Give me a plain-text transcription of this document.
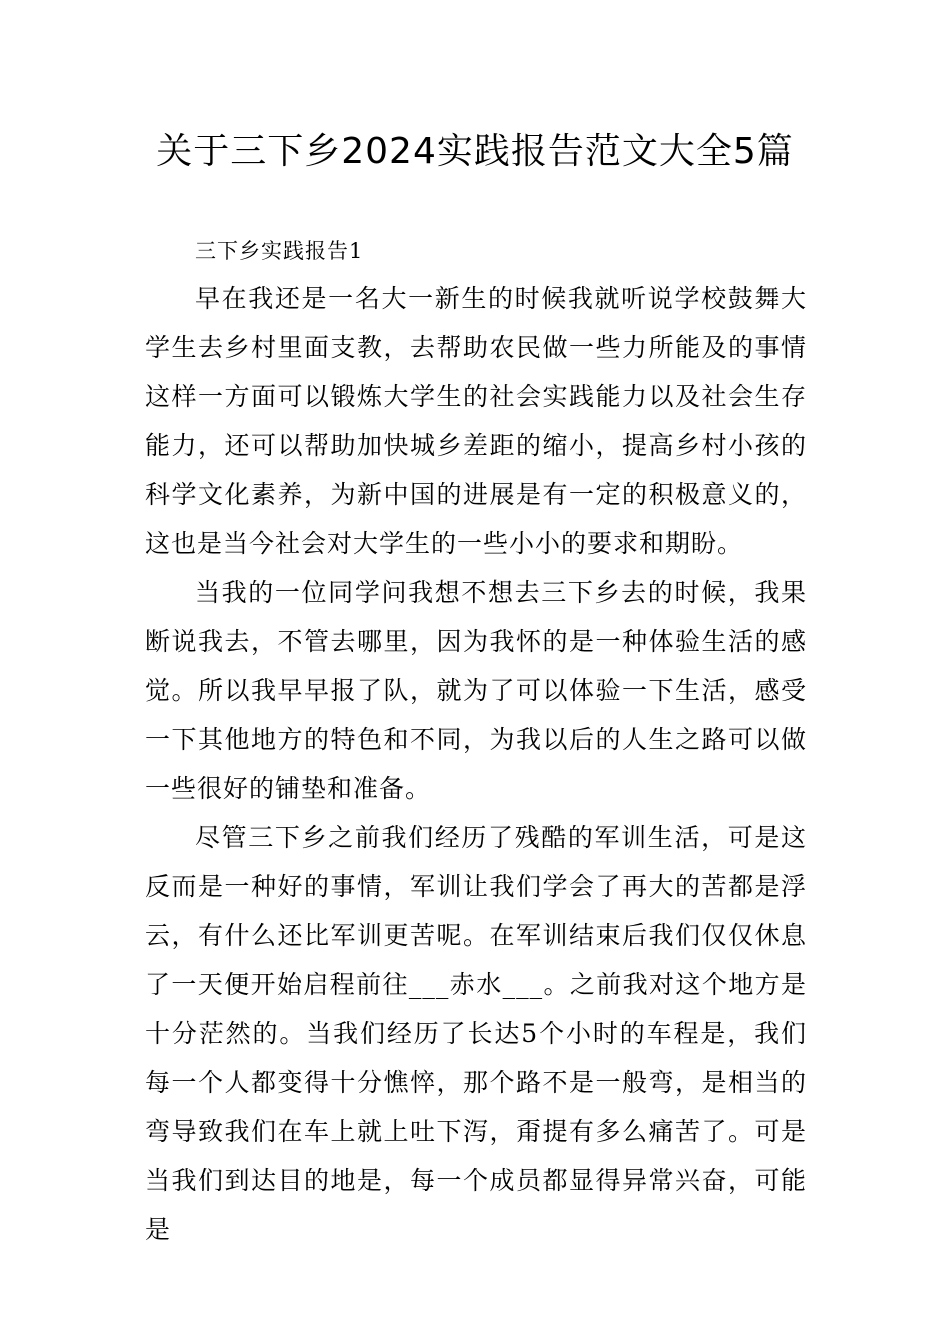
关于三下乡2024实践报告范文大全5篇
三下乡实践报告1

早在我还是一名大一新生的时候我就听说学校鼓舞大学生去乡村里面支教，去帮助农民做一些力所能及的事情这样一方面可以锻炼大学生的社会实践能力以及社会生存能力，还可以帮助加快城乡差距的缩小，提高乡村小孩的科学文化素养，为新中国的进展是有一定的积极意义的，这也是当今社会对大学生的一些小小的要求和期盼。

当我的一位同学问我想不想去三下乡去的时候，我果断说我去，不管去哪里，因为我怀的是一种体验生活的感觉。所以我早早报了队，就为了可以体验一下生活，感受一下其他地方的特色和不同，为我以后的人生之路可以做一些很好的铺垫和准备。

尽管三下乡之前我们经历了残酷的军训生活，可是这反而是一种好的事情，军训让我们学会了再大的苦都是浮云，有什么还比军训更苦呢。在军训结束后我们仅仅休息了一天便开始启程前往___赤水___。之前我对这个地方是十分茫然的。当我们经历了长达5个小时的车程是，我们每一个人都变得十分憔悴，那个路不是一般弯，是相当的弯导致我们在车上就上吐下泻，甭提有多么痛苦了。可是当我们到达目的地是，每一个成员都显得异常兴奋，可能是
